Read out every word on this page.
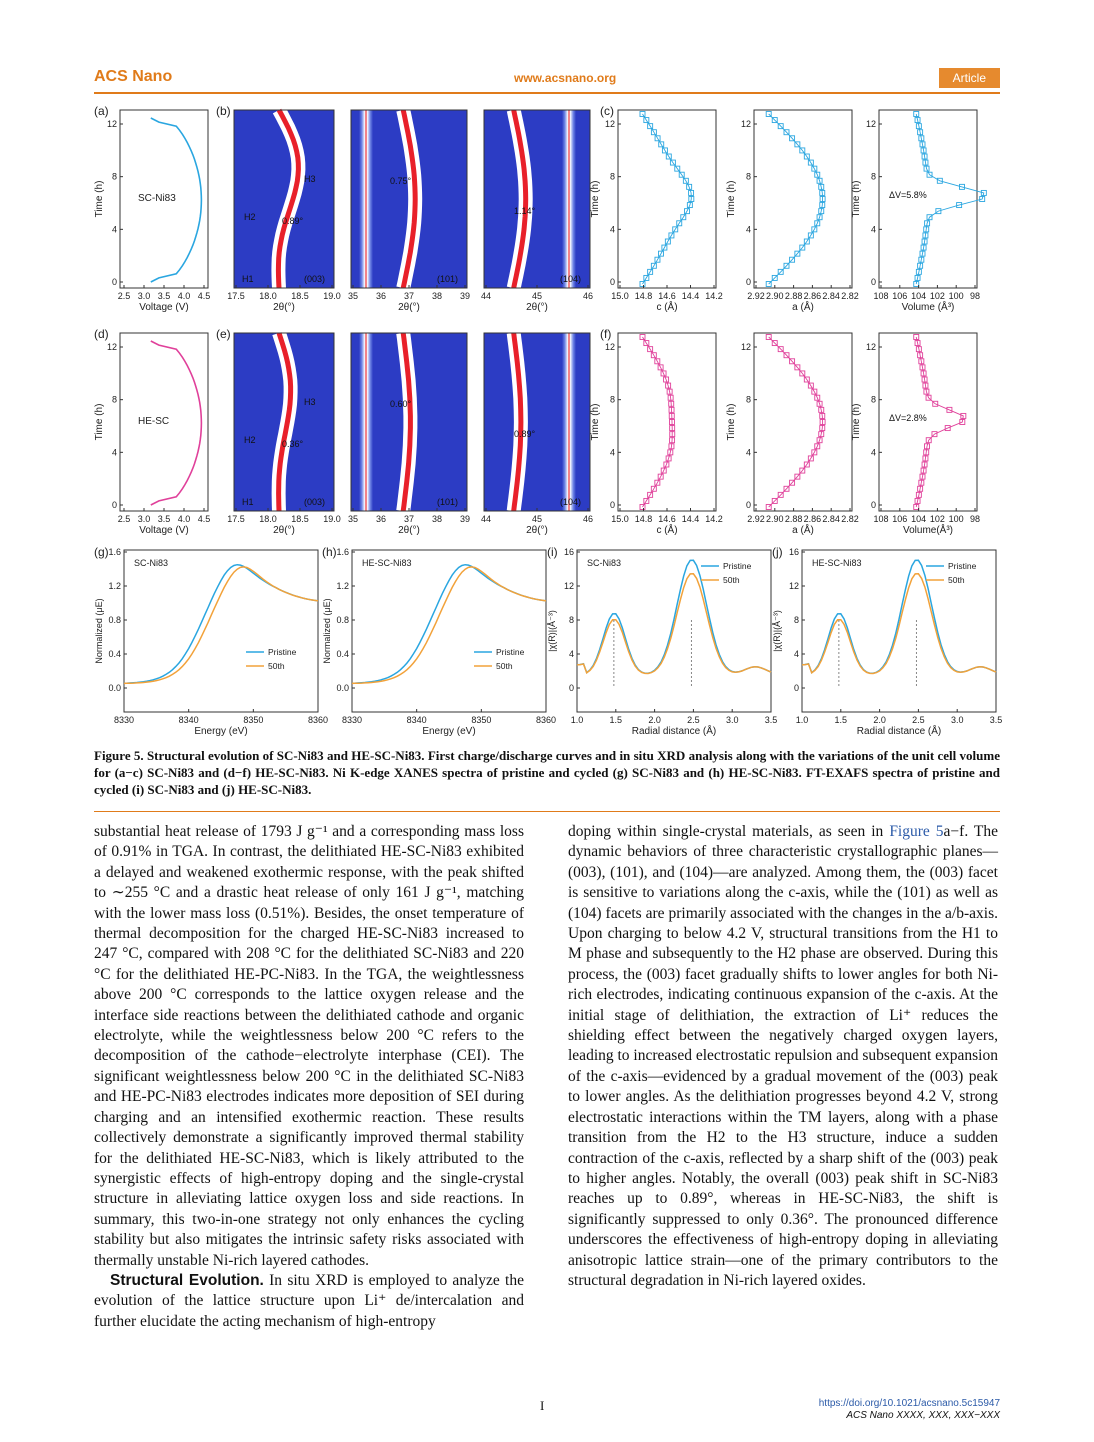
ACS Nano	www.acsnano.org	Article
(a)
Time (h)
12
8
4
0
SC-Ni83
2.5 3.0 3.5 4.0 4.5
Voltage (V)
(b)
(003)
17.5 18.0 18.5 19.0
2θ(°)
(101)
35 36 37 38 39
2θ(°)
(104)
44	45	46
2θ(°)
H1
H2
H3
0.89°
0.75°
1.14°
(c)
Time (h)
12
8
4
0
15.0 14.8 14.6 14.4 14.2
c (Å)
Time (h)
12
8
4
0
2.92 2.90 2.88 2.86 2.84 2.82
a (Å)
Time (h)
12
8
4
0
108 106 104 102 100 98
Volume (Å³)
ΔV=5.8%
(d)
Time (h)
12
8
4
0
HE-SC
2.5 3.0 3.5 4.0 4.5
Voltage (V)
(e)
(003)
17.5 18.0 18.5 19.0
2θ(°)
(101)
35 36 37 38 39
2θ(°)
(104)
44	45	46
2θ(°)
H1
H2
H3
0.36°
0.60°
0.89°
(f)
Time (h)
12
8
4
0
15.0 14.8 14.6 14.4 14.2
c (Å)
Time (h)
12
8
4
0
2.92 2.90 2.88 2.86 2.84 2.82
a (Å)
Time (h)
12
8
4
0
108 106 104 102 100 98
Volume(Å³)
ΔV=2.8%
(g)
SC-Ni83
1.6
1.2
0.8
0.4
0.0
8330	8340	8350	8360
Energy (eV)
Normalized (μE)	Pristine
50th
(h)
HE-SC-Ni83
1.6
1.2
0.8
0.4
0.0
8330	8340	8350	8360
Energy (eV)
Normalized (μE)	Pristine
50th
(i)
SC-Ni83
16
12
8
4
0
1.0	1.5	2.0	2.5	3.0	3.5
Radial distance (Å)
|χ(R)|(Å⁻³)
Pristine
50th
(j)
HE-SC-Ni83
16
12
8
4
0
1.0	1.5	2.0	2.5	3.0	3.5
Radial distance (Å)
|χ(R)|(Å⁻³)
Pristine
50th
Figure 5. Structural evolution of SC-Ni83 and HE-SC-Ni83. First charge/discharge curves and in situ XRD analysis along with the variations of the unit cell volume for (a−c) SC-Ni83 and (d−f) HE-SC-Ni83. Ni K-edge XANES spectra of pristine and cycled (g) SC-Ni83 and (h) HE-SC-Ni83. FT-EXAFS spectra of pristine and cycled (i) SC-Ni83 and (j) HE-SC-Ni83.

substantial heat release of 1793 J g⁻¹ and a corresponding mass loss of 0.91% in TGA. In contrast, the delithiated HE-SC-Ni83 exhibited a delayed and weakened exothermic response, with the peak shifted to ∼255 °C and a drastic heat release of only 161 J g⁻¹, matching with the lower mass loss (0.51%). Besides, the onset temperature of thermal decomposition for the charged HE-SC-Ni83 increased to 247 °C, compared with 208 °C for the delithiated SC-Ni83 and 220 °C for the delithiated HE-PC-Ni83. In the TGA, the weightlessness above 200 °C corresponds to the lattice oxygen release and the interface side reactions between the delithiated cathode and organic electrolyte, while the weightlessness below 200 °C refers to the decomposition of the cathode−electrolyte interphase (CEI). The significant weightlessness below 200 °C in the delithiated SC-Ni83 and HE-PC-Ni83 electrodes indicates more deposition of SEI during charging and an intensified exothermic reaction. These results collectively demonstrate a significantly improved thermal stability for the delithiated HE-SC-Ni83, which is likely attributed to the synergistic effects of high-entropy doping and the single-crystal structure in alleviating lattice oxygen loss and side reactions. In summary, this two-in-one strategy not only enhances the cycling stability but also mitigates the intrinsic safety risks associated with thermally unstable Ni-rich layered cathodes.

Structural Evolution. In situ XRD is employed to analyze the evolution of the lattice structure upon Li⁺ de/intercalation and further elucidate the acting mechanism of high-entropy

doping within single-crystal materials, as seen in Figure 5a−f. The dynamic behaviors of three characteristic crystallographic planes—(003), (101), and (104)—are analyzed. Among them, the (003) facet is sensitive to variations along the c-axis, while the (101) as well as (104) facets are primarily associated with the changes in the a/b-axis. Upon charging to below 4.2 V, structural transitions from the H1 to M phase and subsequently to the H2 phase are observed. During this process, the (003) facet gradually shifts to lower angles for both Ni-rich electrodes, indicating continuous expansion of the c-axis. At the initial stage of delithiation, the extraction of Li⁺ reduces the shielding effect between the negatively charged oxygen layers, leading to increased electrostatic repulsion and subsequent expansion of the c-axis—evidenced by a gradual movement of the (003) peak to lower angles. As the delithiation progresses beyond 4.2 V, strong electrostatic interactions within the TM layers, along with a phase transition from the H2 to the H3 structure, induce a sudden contraction of the c-axis, reflected by a sharp shift of the (003) peak to higher angles. Notably, the overall (003) peak shift in SC-Ni83 reaches up to 0.89°, whereas in HE-SC-Ni83, the shift is significantly suppressed to only 0.36°. The pronounced difference underscores the effectiveness of high-entropy doping in alleviating anisotropic lattice strain—one of the primary contributors to the structural degradation in Ni-rich layered oxides.

I	https://doi.org/10.1021/acsnano.5c15947
ACS Nano XXXX, XXX, XXX−XXX
